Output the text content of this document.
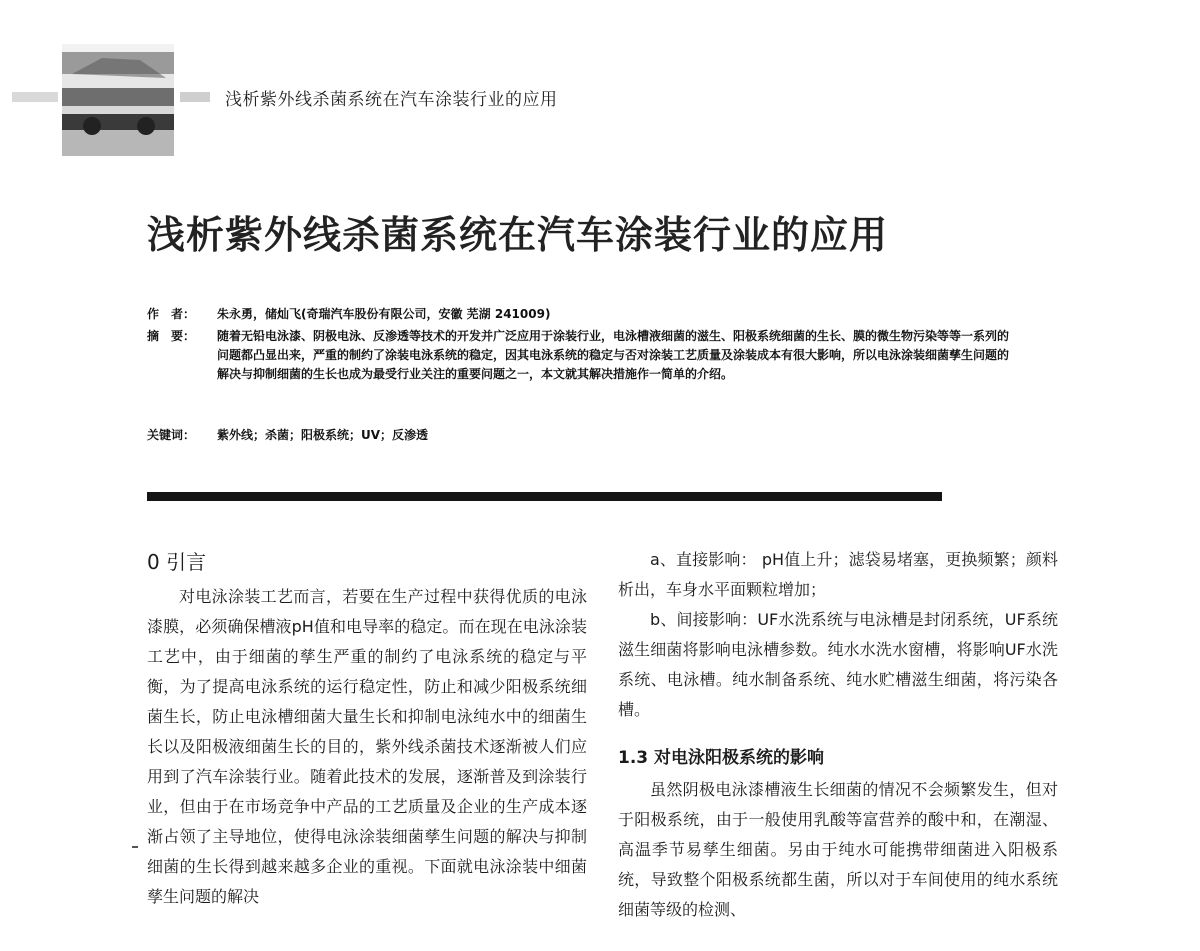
浅析紫外线杀菌系统在汽车涂装行业的应用
浅析紫外线杀菌系统在汽车涂装行业的应用
作　者： 朱永勇，储灿飞(奇瑞汽车股份有限公司，安徽 芜湖 241009)
摘　要： 随着无铅电泳漆、阴极电泳、反渗透等技术的开发并广泛应用于涂装行业，电泳槽液细菌的滋生、阳极系统细菌的生长、膜的微生物污染等等一系列的问题都凸显出来，严重的制约了涂装电泳系统的稳定，因其电泳系统的稳定与否对涂装工艺质量及涂装成本有很大影响，所以电泳涂装细菌孳生问题的解决与抑制细菌的生长也成为最受行业关注的重要问题之一，本文就其解决措施作一简单的介绍。
关键词： 紫外线；杀菌；阳极系统；UV；反渗透
0 引言

对电泳涂装工艺而言，若要在生产过程中获得优质的电泳漆膜，必须确保槽液pH值和电导率的稳定。而在现在电泳涂装工艺中，由于细菌的孳生严重的制约了电泳系统的稳定与平衡，为了提高电泳系统的运行稳定性，防止和减少阳极系统细菌生长，防止电泳槽细菌大量生长和抑制电泳纯水中的细菌生长以及阳极液细菌生长的目的，紫外线杀菌技术逐渐被人们应用到了汽车涂装行业。随着此技术的发展，逐渐普及到涂装行业，但由于在市场竞争中产品的工艺质量及企业的生产成本逐渐占领了主导地位，使得电泳涂装细菌孳生问题的解决与抑制细菌的生长得到越来越多企业的重视。下面就电泳涂装中细菌孳生问题的解决

a、直接影响： pH值上升；滤袋易堵塞，更换频繁；颜料析出，车身水平面颗粒增加；

b、间接影响：UF水洗系统与电泳槽是封闭系统，UF系统滋生细菌将影响电泳槽参数。纯水水洗水窗槽，将影响UF水洗系统、电泳槽。纯水制备系统、纯水贮槽滋生细菌，将污染各槽。

1.3 对电泳阳极系统的影响

虽然阴极电泳漆槽液生长细菌的情况不会频繁发生，但对于阳极系统，由于一般使用乳酸等富营养的酸中和，在潮湿、高温季节易孳生细菌。另由于纯水可能携带细菌进入阳极系统，导致整个阳极系统都生菌，所以对于车间使用的纯水系统细菌等级的检测、
